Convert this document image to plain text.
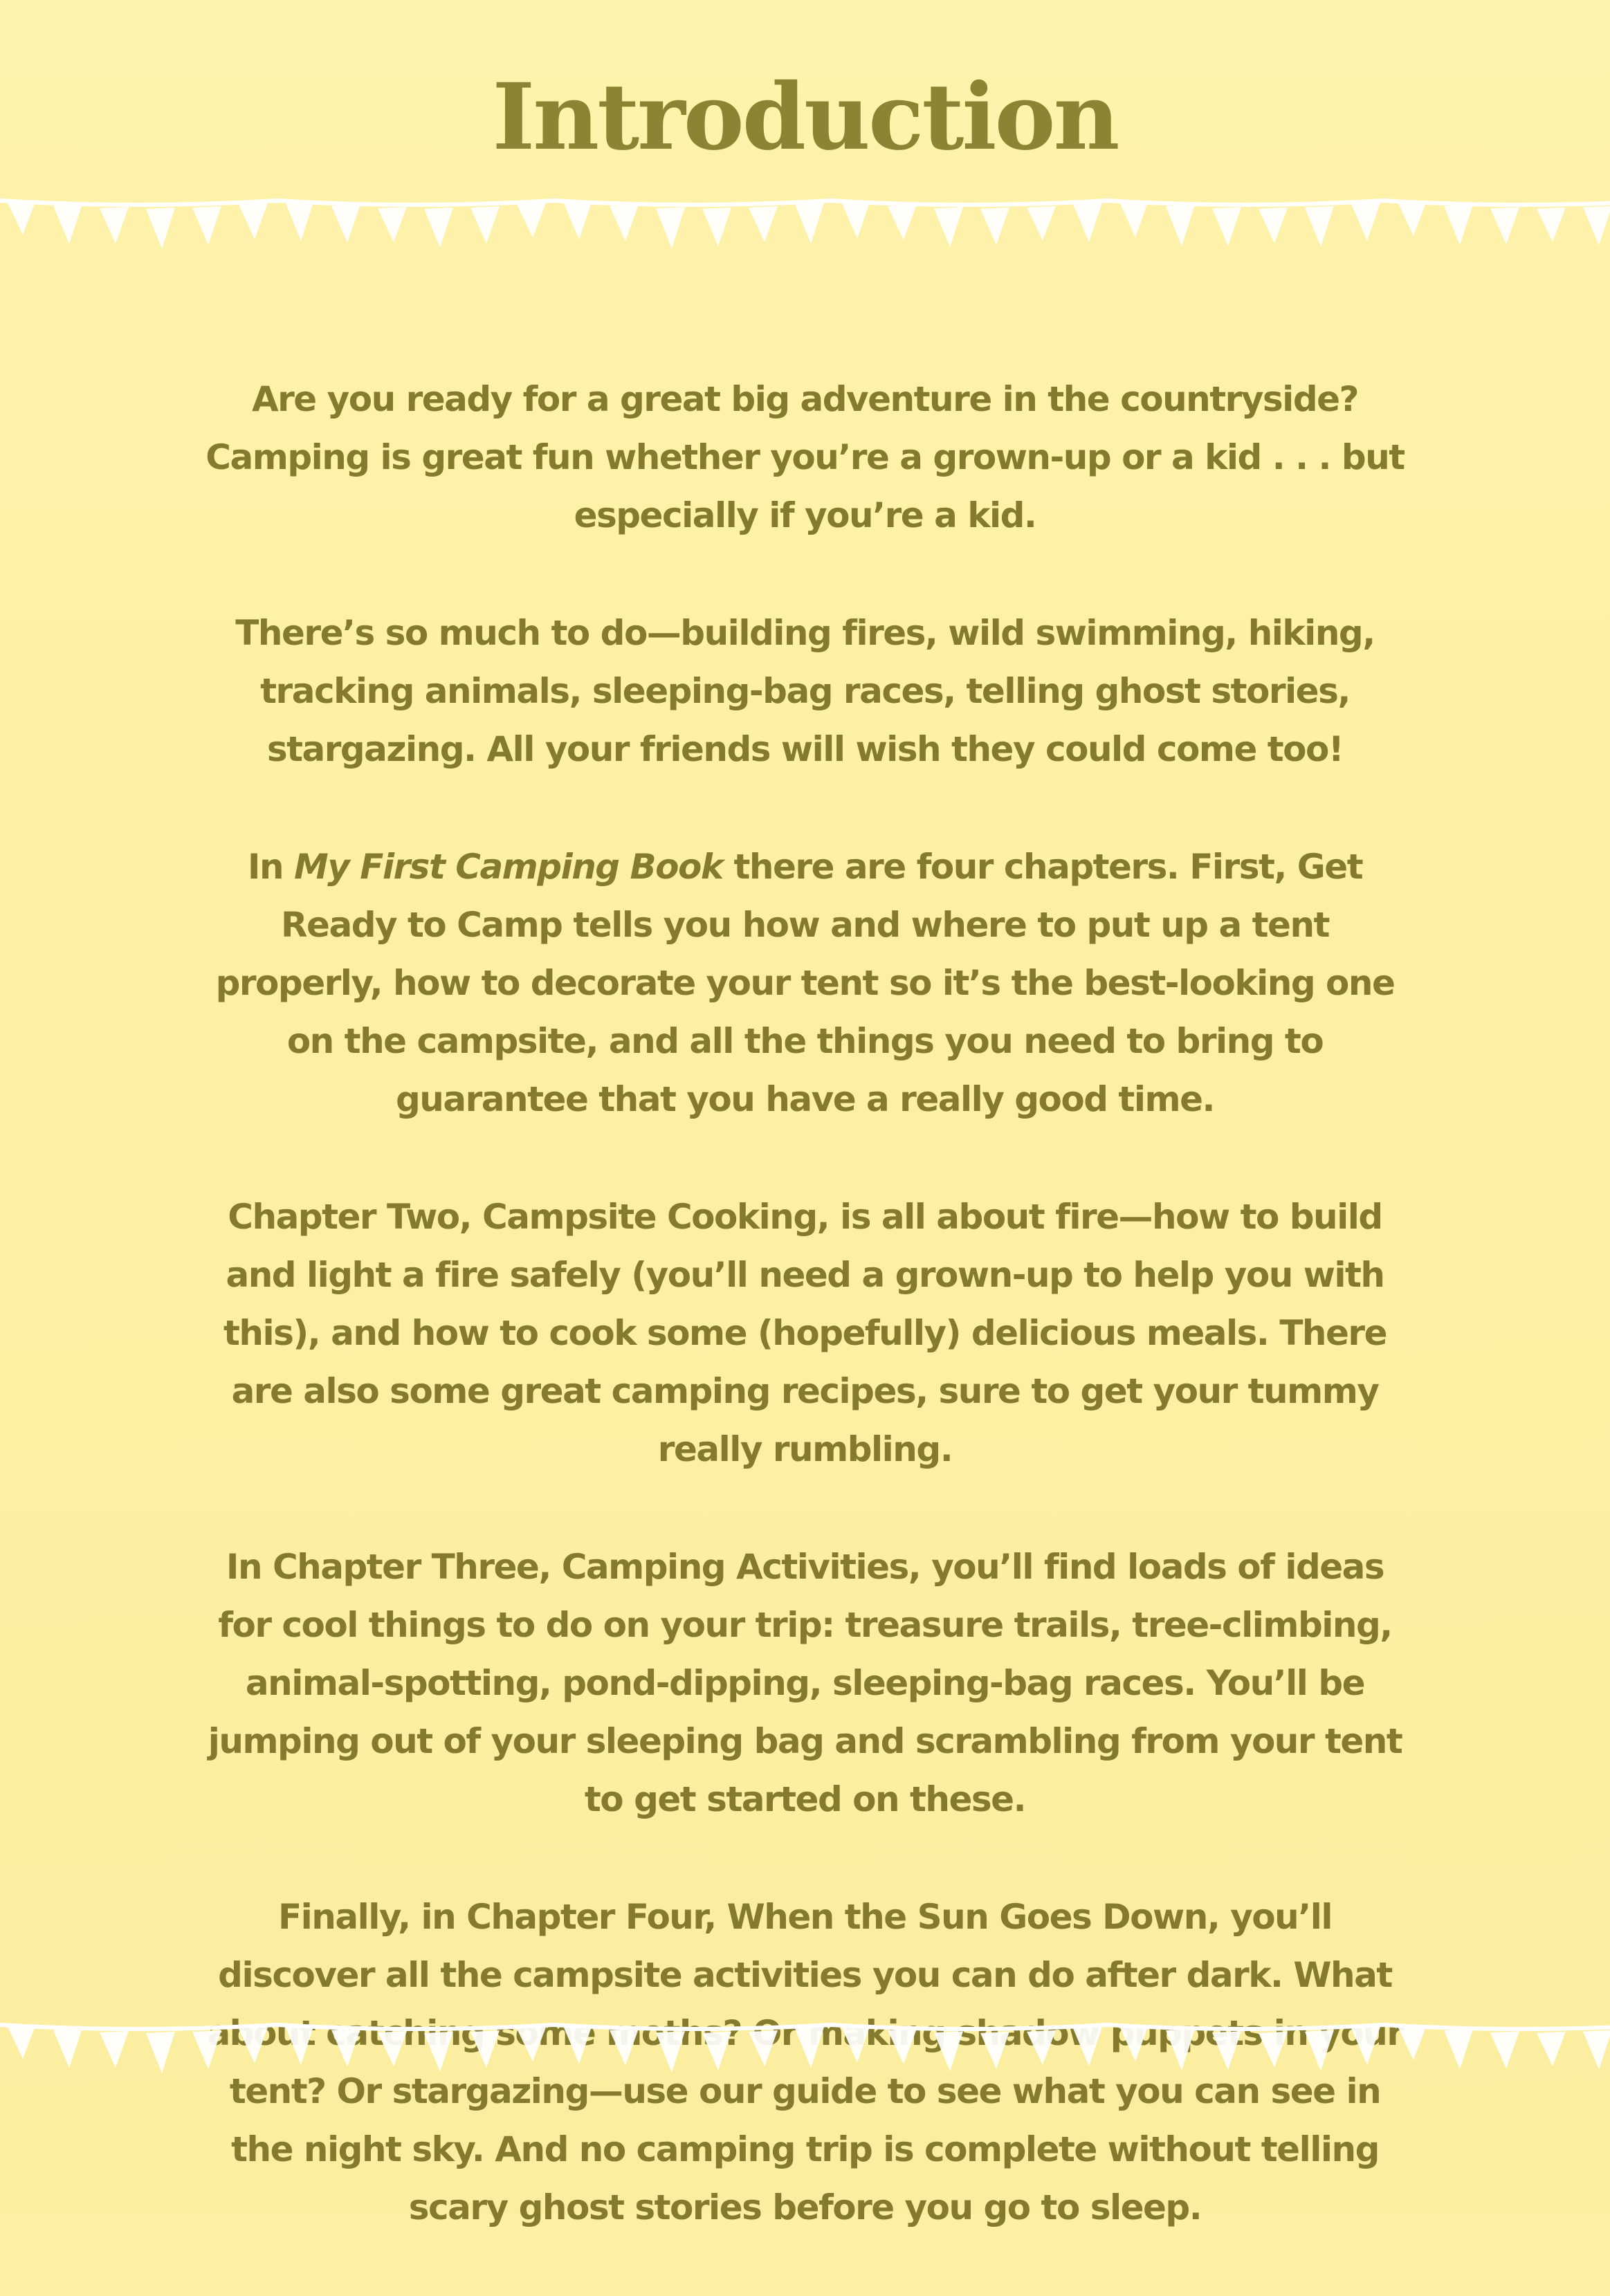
Introduction

Are you ready for a great big adventure in the countryside? Camping is great fun whether you’re a grown-up or a kid . . . but especially if you’re a kid.

There’s so much to do—building fires, wild swimming, hiking, tracking animals, sleeping-bag races, telling ghost stories, stargazing. All your friends will wish they could come too!

In My First Camping Book there are four chapters. First, Get Ready to Camp tells you how and where to put up a tent properly, how to decorate your tent so it’s the best-looking one on the campsite, and all the things you need to bring to guarantee that you have a really good time.

Chapter Two, Campsite Cooking, is all about fire—how to build and light a fire safely (you’ll need a grown-up to help you with this), and how to cook some (hopefully) delicious meals. There are also some great camping recipes, sure to get your tummy really rumbling.

In Chapter Three, Camping Activities, you’ll find loads of ideas for cool things to do on your trip: treasure trails, tree-climbing, animal-spotting, pond-dipping, sleeping-bag races. You’ll be jumping out of your sleeping bag and scrambling from your tent to get started on these.

Finally, in Chapter Four, When the Sun Goes Down, you’ll discover all the campsite activities you can do after dark. What catching some Or making shadow in tent? Or stargazing—use our guide to see what you can see in the night sky. And no camping trip is complete without telling scary ghost stories before you go to sleep.
